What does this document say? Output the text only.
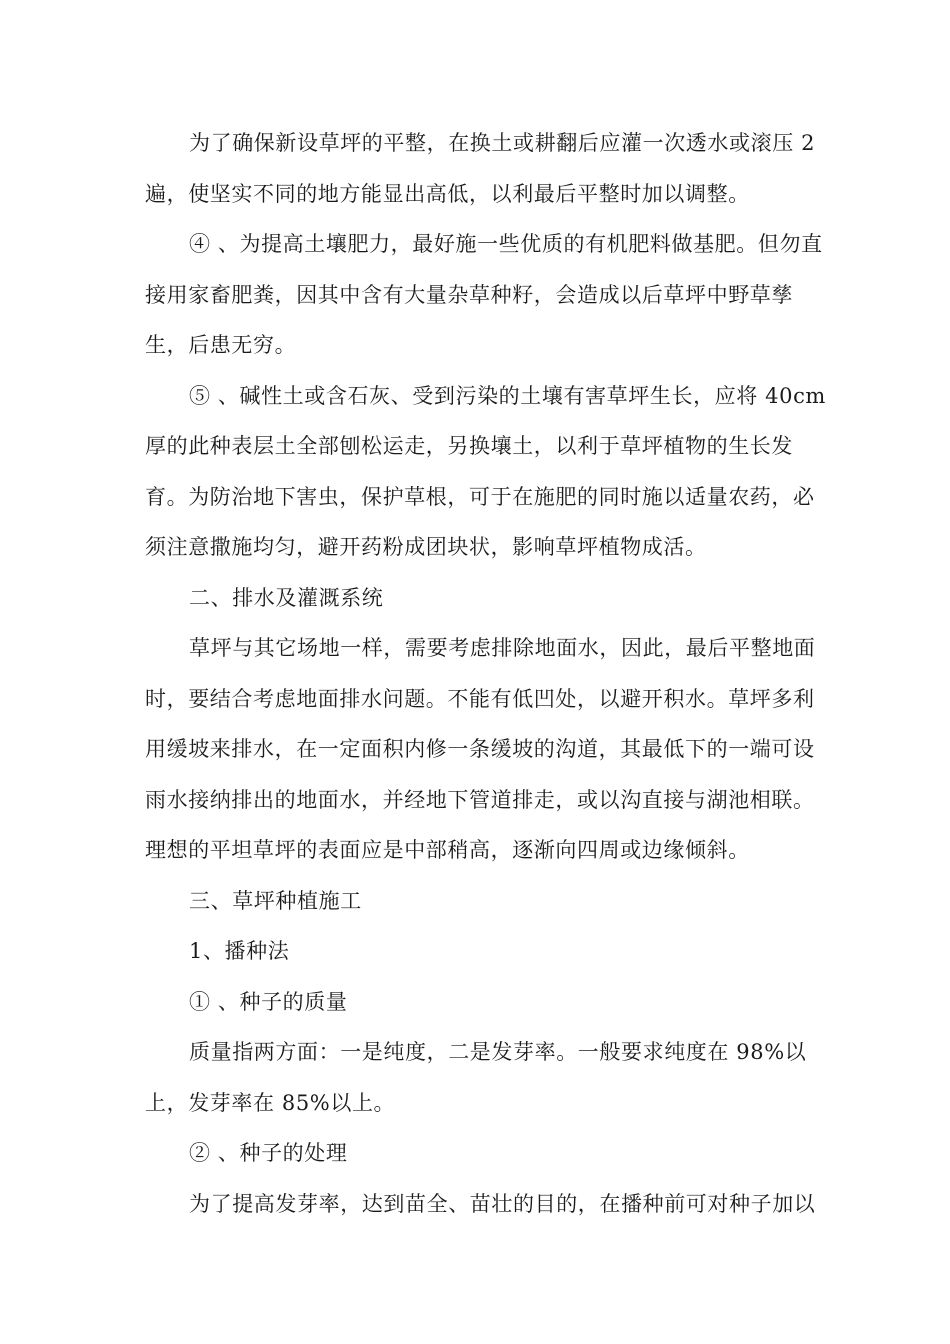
为了确保新设草坪的平整，在换土或耕翻后应灌一次透水或滚压 2
遍，使坚实不同的地方能显出高低，以利最后平整时加以调整。
④ 、为提高土壤肥力，最好施一些优质的有机肥料做基肥。但勿直
接用家畜肥粪，因其中含有大量杂草种籽，会造成以后草坪中野草孳
生，后患无穷。
⑤ 、碱性土或含石灰、受到污染的土壤有害草坪生长，应将 40cm
厚的此种表层土全部刨松运走，另换壤土，以利于草坪植物的生长发
育。为防治地下害虫，保护草根，可于在施肥的同时施以适量农药，必
须注意撒施均匀，避开药粉成团块状，影响草坪植物成活。
二、排水及灌溉系统
草坪与其它场地一样，需要考虑排除地面水，因此，最后平整地面
时，要结合考虑地面排水问题。不能有低凹处，以避开积水。草坪多利
用缓坡来排水，在一定面积内修一条缓坡的沟道，其最低下的一端可设
雨水接纳排出的地面水，并经地下管道排走，或以沟直接与湖池相联。
理想的平坦草坪的表面应是中部稍高，逐渐向四周或边缘倾斜。
三、草坪种植施工
1、播种法
① 、种子的质量
质量指两方面：一是纯度，二是发芽率。一般要求纯度在 98%以
上，发芽率在 85%以上。
② 、种子的处理
为了提高发芽率，达到苗全、苗壮的目的，在播种前可对种子加以
